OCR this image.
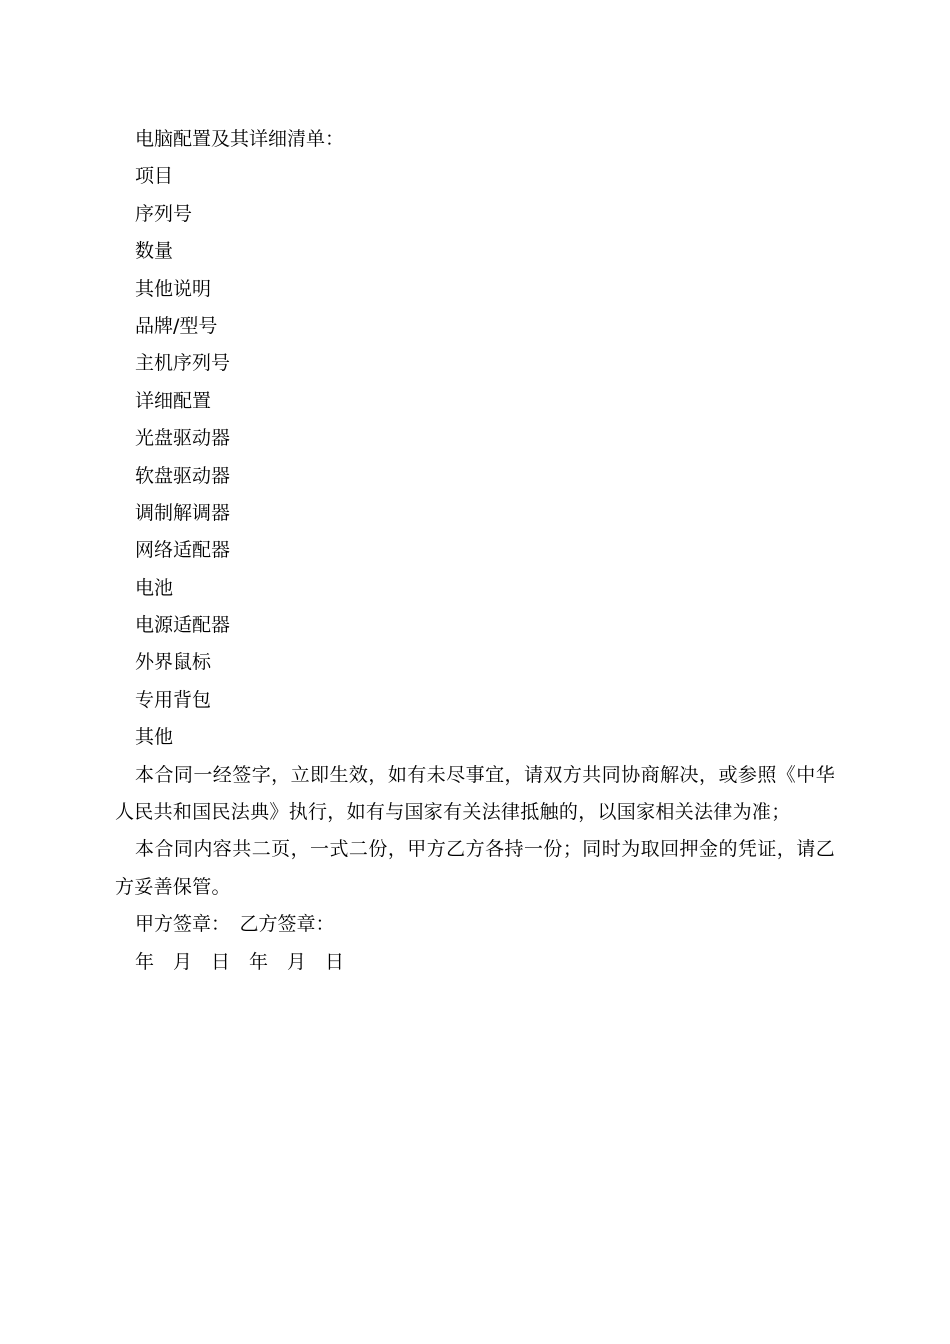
电脑配置及其详细清单：

项目

序列号

数量

其他说明

品牌/型号

主机序列号

详细配置

光盘驱动器

软盘驱动器

调制解调器

网络适配器

电池

电源适配器

外界鼠标

专用背包

其他

本合同一经签字，立即生效，如有未尽事宜，请双方共同协商解决，或参照《中华人民共和国民法典》执行，如有与国家有关法律抵触的，以国家相关法律为准；

本合同内容共二页，一式二份，甲方乙方各持一份；同时为取回押金的凭证，请乙方妥善保管。

甲方签章：　乙方签章：

年　月　日　年　月　日
